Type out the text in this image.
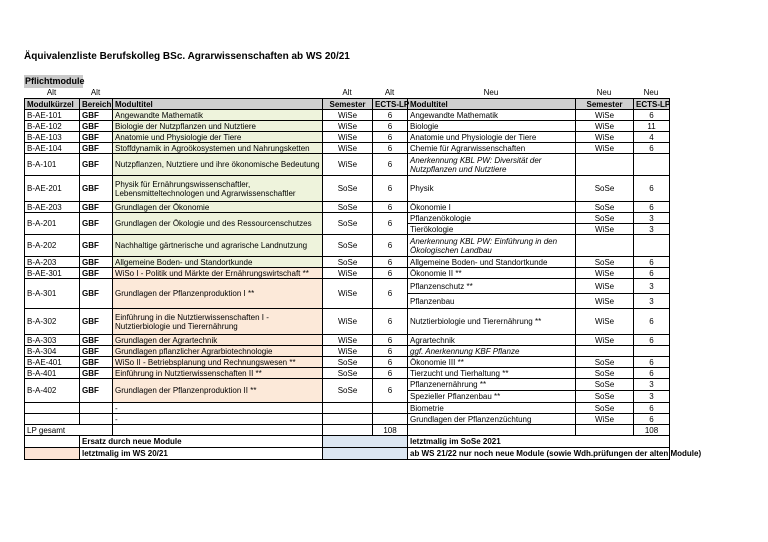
Äquivalenzliste Berufskolleg BSc. Agrarwissenschaften ab WS 20/21
Pflichtmodule
Alt	Alt	Alt	Alt	Neu	Neu	Neu
Modulkürzel	Bereich	Modultitel	Semester	ECTS-LP	Modultitel	Semester	ECTS-LP
B-AE-101	GBF	Angewandte Mathematik	WiSe	6	Angewandte Mathematik	WiSe	6
B-AE-102	GBF	Biologie der Nutzpflanzen und Nutztiere	WiSe	6	Biologie	WiSe	11
B-AE-103	GBF	Anatomie und Physiologie der Tiere	WiSe	6	Anatomie und Physiologie der Tiere	WiSe	4
B-AE-104	GBF	Stoffdynamik in Agroökosystemen und Nahrungsketten	WiSe	6	Chemie für Agrarwissenschaften	WiSe	6
B-A-101	GBF	Nutzpflanzen, Nutztiere und ihre ökonomische Bedeutung	WiSe	6	Anerkennung KBL PW: Diversität der Nutzpflanzen und Nutztiere		
B-AE-201	GBF	Physik für Ernährungswissenschaftler, Lebensmitteltechnologen und Agrarwissenschaftler	SoSe	6	Physik	SoSe	6
B-AE-203	GBF	Grundlagen der Ökonomie	SoSe	6	Ökonomie I	SoSe	6
B-A-201	GBF	Grundlagen der Ökologie und des Ressourcenschutzes	SoSe	6	Pflanzenökologie	SoSe	3
					Tierökologie	WiSe	3
B-A-202	GBF	Nachhaltige gärtnerische und agrarische Landnutzung	SoSe	6	Anerkennung KBL PW: Einführung in den Ökologischen Landbau		
B-A-203	GBF	Allgemeine Boden- und Standortkunde	SoSe	6	Allgemeine Boden- und Standortkunde	SoSe	6
B-AE-301	GBF	WiSo I - Politik und Märkte der Ernährungswirtschaft **	WiSe	6	Ökonomie II **	WiSe	6
B-A-301	GBF	Grundlagen der Pflanzenproduktion I **	WiSe	6	Pflanzenschutz **	WiSe	3
					Pflanzenbau	WiSe	3
B-A-302	GBF	Einführung in die Nutztierwissenschaften I - Nutztierbiologie und Tierernährung	WiSe	6	Nutztierbiologie und Tierernährung **	WiSe	6
B-A-303	GBF	Grundlagen der Agrartechnik	WiSe	6	Agrartechnik	WiSe	6
B-A-304	GBF	Grundlagen pflanzlicher Agrarbiotechnologie	WiSe	6	ggf. Anerkennung KBF Pflanze		
B-AE-401	GBF	WiSo II - Betriebsplanung und Rechnungswesen **	SoSe	6	Ökonomie III **	SoSe	6
B-A-401	GBF	Einführung in Nutztierwissenschaften II **	SoSe	6	Tierzucht und Tierhaltung **	SoSe	6
B-A-402	GBF	Grundlagen der Pflanzenproduktion II **	SoSe	6	Pflanzenernährung **	SoSe	3
					Spezieller Pflanzenbau **	SoSe	3
		-			Biometrie	SoSe	6
		-			Grundlagen der Pflanzenzüchtung	WiSe	6
LP gesamt				108			108
	Ersatz durch neue Module				letztmalig im SoSe 2021		
	letztmalig im WS 20/21				ab WS 21/22 nur noch neue Module (sowie Wdh.prüfungen der alten Module)		
